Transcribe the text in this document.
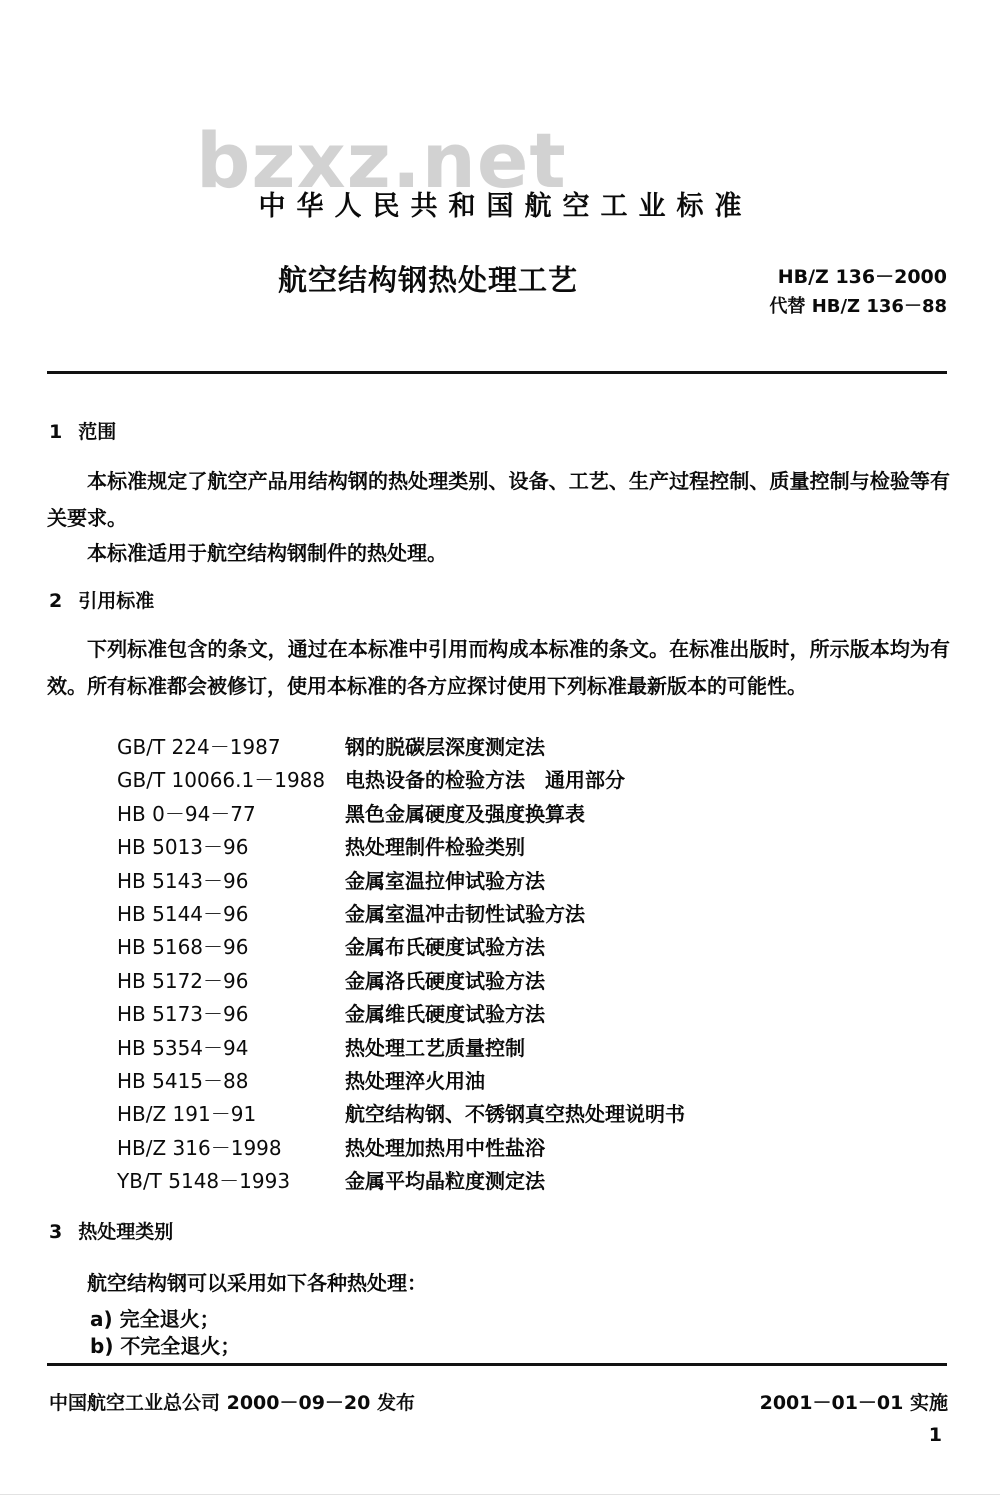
bzxz.net
中华人民共和国航空工业标准
航空结构钢热处理工艺	HB/Z 136－2000
代替 HB/Z 136－88
1 范围
本标准规定了航空产品用结构钢的热处理类别、设备、工艺、生产过程控制、质量控制与检验等有关要求。
本标准适用于航空结构钢制件的热处理。
2 引用标准
下列标准包含的条文，通过在本标准中引用而构成本标准的条文。在标准出版时，所示版本均为有效。所有标准都会被修订，使用本标准的各方应探讨使用下列标准最新版本的可能性。
GB/T 224－1987	钢的脱碳层深度测定法
GB/T 10066.1－1988 电热设备的检验方法　通用部分
HB 0－94－77	黑色金属硬度及强度换算表
HB 5013－96	热处理制件检验类别
HB 5143－96	金属室温拉伸试验方法
HB 5144－96	金属室温冲击韧性试验方法
HB 5168－96	金属布氏硬度试验方法
HB 5172－96	金属洛氏硬度试验方法
HB 5173－96	金属维氏硬度试验方法
HB 5354－94	热处理工艺质量控制
HB 5415－88	热处理淬火用油
HB/Z 191－91	航空结构钢、不锈钢真空热处理说明书
HB/Z 316－1998	热处理加热用中性盐浴
YB/T 5148－1993	金属平均晶粒度测定法
3 热处理类别
航空结构钢可以采用如下各种热处理：
a) 完全退火；
b) 不完全退火；
中国航空工业总公司 2000－09－20 发布	2001－01－01 实施
1
